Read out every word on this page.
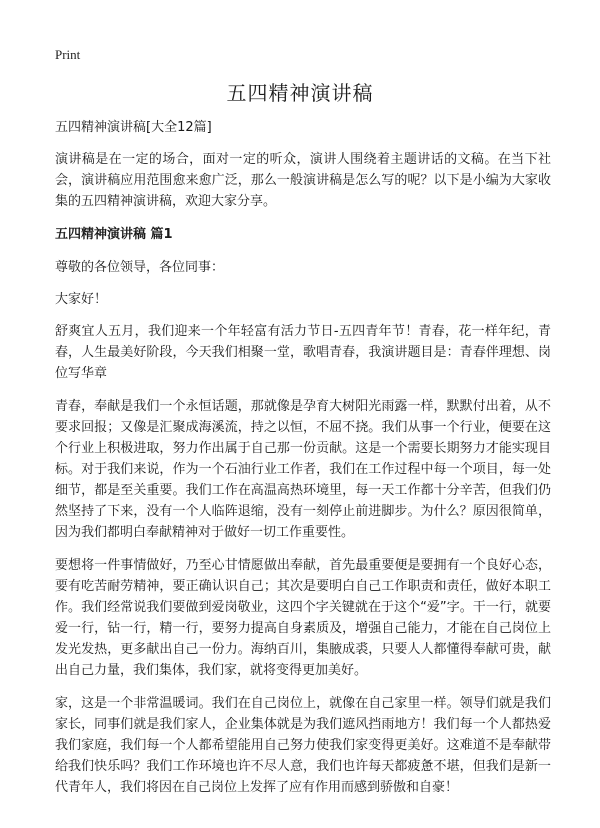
Print
五四精神演讲稿

五四精神演讲稿[大全12篇]

演讲稿是在一定的场合，面对一定的听众，演讲人围绕着主题讲话的文稿。在当下社会，演讲稿应用范围愈来愈广泛，那么一般演讲稿是怎么写的呢？以下是小编为大家收集的五四精神演讲稿，欢迎大家分享。

五四精神演讲稿 篇1

尊敬的各位领导，各位同事：

大家好！

舒爽宜人五月，我们迎来一个年轻富有活力节日-五四青年节！青春，花一样年纪，青春，人生最美好阶段，今天我们相聚一堂，歌唱青春，我演讲题目是：青春伴理想、岗位写华章

青春，奉献是我们一个永恒话题，那就像是孕育大树阳光雨露一样，默默付出着，从不要求回报；又像是汇聚成海溪流，持之以恒，不屈不挠。我们从事一个行业，便要在这个行业上积极进取，努力作出属于自己那一份贡献。这是一个需要长期努力才能实现目标。对于我们来说，作为一个石油行业工作者，我们在工作过程中每一个项目，每一处细节，都是至关重要。我们工作在高温高热环境里，每一天工作都十分辛苦，但我们仍然坚持了下来，没有一个人临阵退缩，没有一刻停止前进脚步。为什么？原因很简单，因为我们都明白奉献精神对于做好一切工作重要性。

要想将一件事情做好，乃至心甘情愿做出奉献，首先最重要便是要拥有一个良好心态，要有吃苦耐劳精神，要正确认识自己；其次是要明白自己工作职责和责任，做好本职工作。我们经常说我们要做到爱岗敬业，这四个字关键就在于这个“爱”字。干一行，就要爱一行，钻一行，精一行，要努力提高自身素质及，增强自己能力，才能在自己岗位上发光发热，更多献出自己一份力。海纳百川，集腋成裘，只要人人都懂得奉献可贵，献出自己力量，我们集体，我们家，就将变得更加美好。

家，这是一个非常温暖词。我们在自己岗位上，就像在自己家里一样。领导们就是我们家长，同事们就是我们家人，企业集体就是为我们遮风挡雨地方！我们每一个人都热爱我们家庭，我们每一个人都希望能用自己努力使我们家变得更美好。这难道不是奉献带给我们快乐吗？我们工作环境也许不尽人意，我们也许每天都疲惫不堪，但我们是新一代青年人，我们将因在自己岗位上发挥了应有作用而感到骄傲和自豪！
